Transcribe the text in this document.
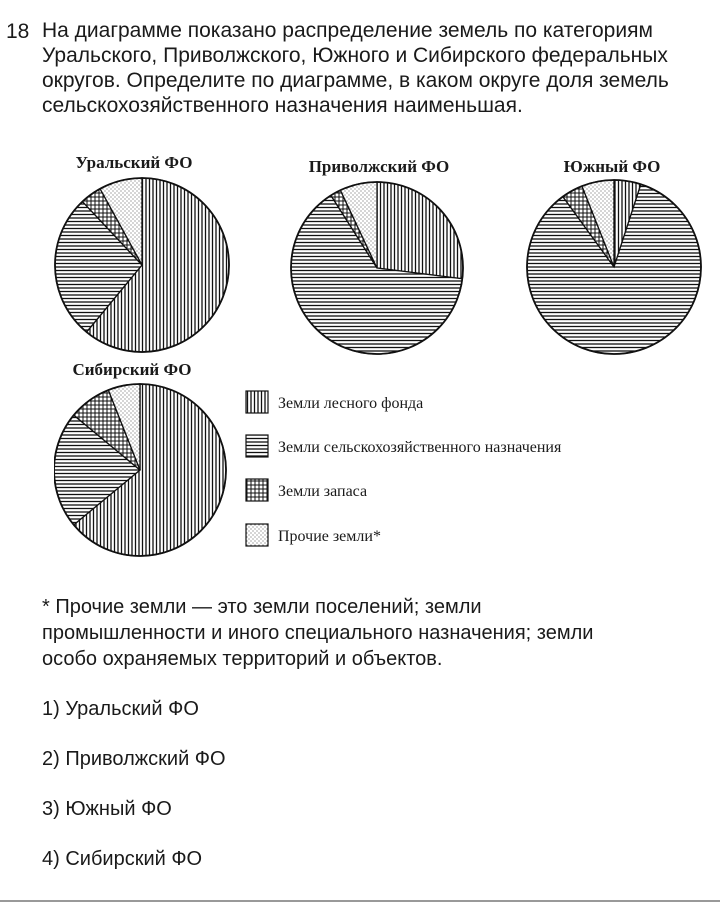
18 На диаграмме показано распределение земель по категориям
Уральского, Приволжского, Южного и Сибирского федеральных
округов. Определите по диаграмме, в каком округе доля земель
сельскохозяйственного назначения наименьшая.
Уральский ФО	Приволжский ФО	Южный ФО
Сибирский ФО
Земли лесного фонда
Земли сельскохозяйственного назначения
Земли запаса
Прочие земли*
* Прочие земли — это земли поселений; земли
промышленности и иного специального назначения; земли
особо охраняемых территорий и объектов.
1) Уральский ФО
2) Приволжский ФО
3) Южный ФО
4) Сибирский ФО
